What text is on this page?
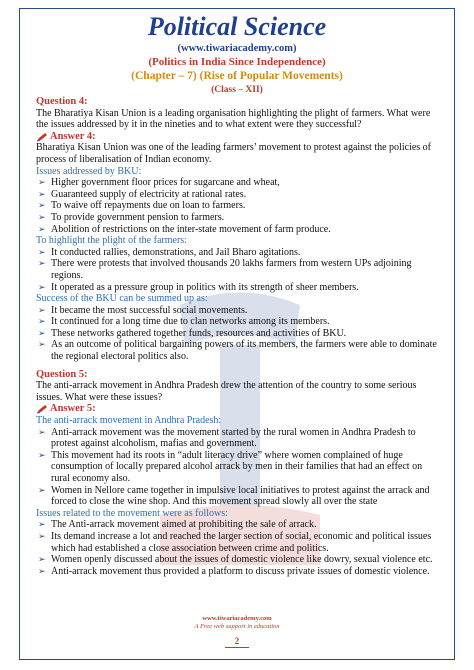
Political Science
(www.tiwariacademy.com)
(Politics in India Since Independence)
(Chapter – 7) (Rise of Popular Movements)
(Class – XII)
Question 4:

The Bharatiya Kisan Union is a leading organisation highlighting the plight of farmers. What were the issues addressed by it in the nineties and to what extent were they successful?

Answer 4:

Bharatiya Kisan Union was one of the leading farmers’ movement to protest against the policies of process of liberalisation of Indian economy.

Issues addressed by BKU:
➢ Higher government floor prices for sugarcane and wheat,
➢ Guaranteed supply of electricity at rational rates.
➢ To waive off repayments due on loan to farmers.
➢ To provide government pension to farmers.
➢ Abolition of restrictions on the inter-state movement of farm produce.
To highlight the plight of the farmers:
➢ It conducted rallies, demonstrations, and Jail Bharo agitations.
➢ There were protests that involved thousands 20 lakhs farmers from western UPs adjoining regions.
➢ It operated as a pressure group in politics with its strength of sheer members.
Success of the BKU can be summed up as:
➢ It became the most successful social movements.
➢ It continued for a long time due to clan networks among its members.
➢ These networks gathered together funds, resources and activities of BKU.
➢ As an outcome of political bargaining powers of its members, the farmers were able to dominate the regional electoral politics also.
Question 5:

The anti-arrack movement in Andhra Pradesh drew the attention of the country to some serious issues. What were these issues?

Answer 5:
The anti-arrack movement in Andhra Pradesh:
➢ Anti-arrack movement was the movement started by the rural women in Andhra Pradesh to protest against alcoholism, mafias and government.
➢ This movement had its roots in “adult literacy drive” where women complained of huge consumption of locally prepared alcohol arrack by men in their families that had an effect on rural economy also.
➢ Women in Nellore came together in impulsive local initiatives to protest against the arrack and forced to close the wine shop. And this movement spread slowly all over the state
Issues related to the movement were as follows:
➢ The Anti-arrack movement aimed at prohibiting the sale of arrack.
➢ Its demand increase a lot and reached the larger section of social, economic and political issues which had established a close association between crime and politics.
➢ Women openly discussed about the issues of domestic violence like dowry, sexual violence etc.
➢ Anti-arrack movement thus provided a platform to discuss private issues of domestic violence.
www.tiwariacademy.com
A Free web support in education
2
